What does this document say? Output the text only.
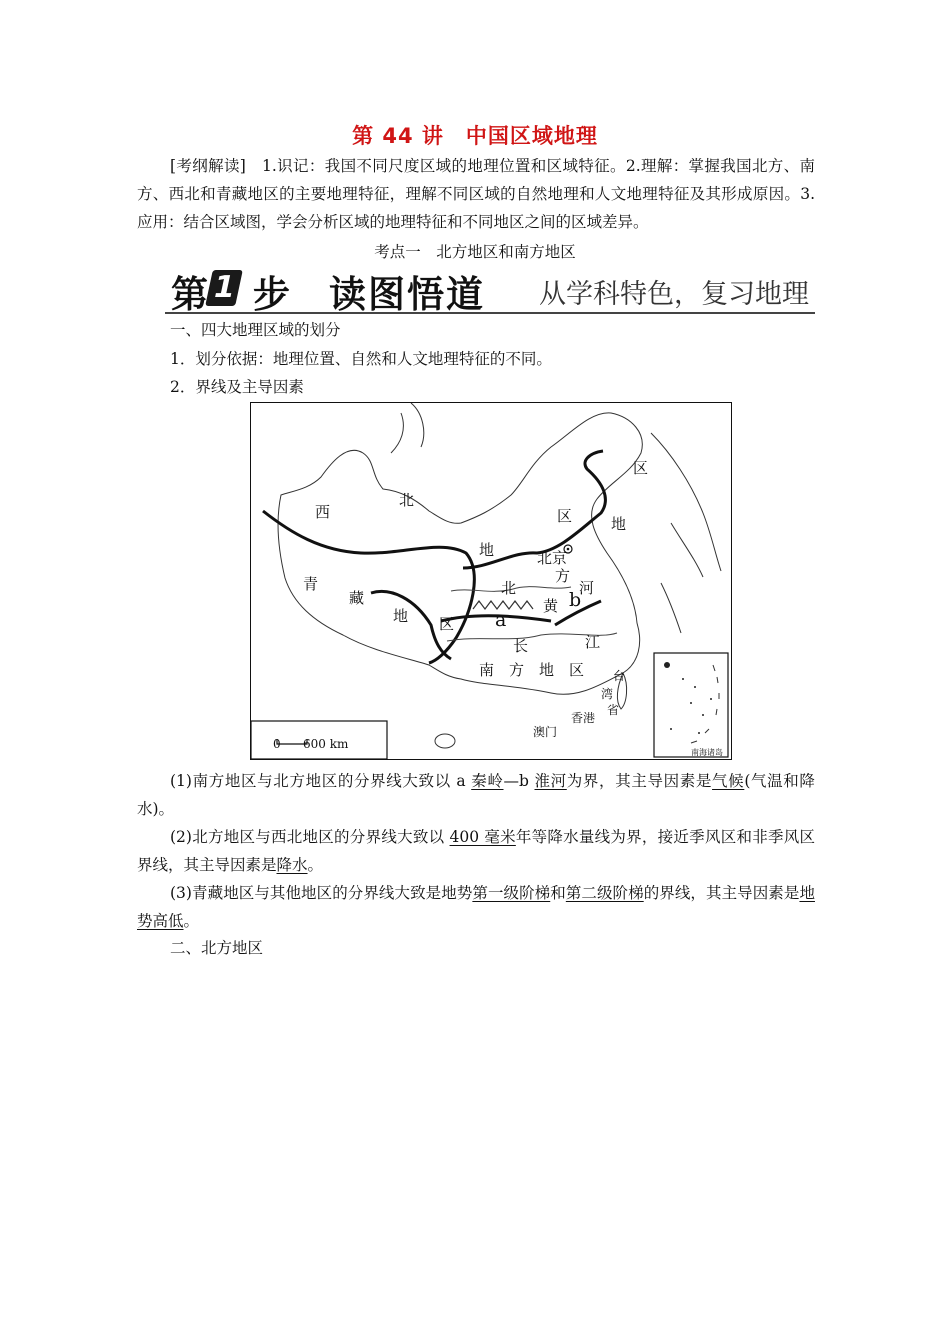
第 44 讲　中国区域地理
[考纲解读]　1.识记：我国不同尺度区域的地理位置和区域特征。2.理解：掌握我国北方、南方、西北和青藏地区的主要地理特征，理解不同区域的自然地理和人文地理特征及其形成原因。3.应用：结合区域图，学会分析区域的地理特征和不同地区之间的区域差异。
考点一　北方地区和南方地区
第 1 步 读图悟道 从学科特色，复习地理
一、四大地理区域的划分
1．划分依据：地理位置、自然和人文地理特征的不同。
2．界线及主导因素
西
北
区
地
青
藏
地 区
北
北京
方
河
黄
a
b
长	江
南　方　地　区 台
湾
省
香港
澳门
区
地
南海诸岛
0 600 km
(1)南方地区与北方地区的分界线大致以 a 秦岭—b 淮河为界，其主导因素是气候(气温和降水)。
(2)北方地区与西北地区的分界线大致以 400 毫米年等降水量线为界，接近季风区和非季风区界线，其主导因素是降水。
(3)青藏地区与其他地区的分界线大致是地势第一级阶梯和第二级阶梯的界线，其主导因素是地势高低。
二、北方地区
